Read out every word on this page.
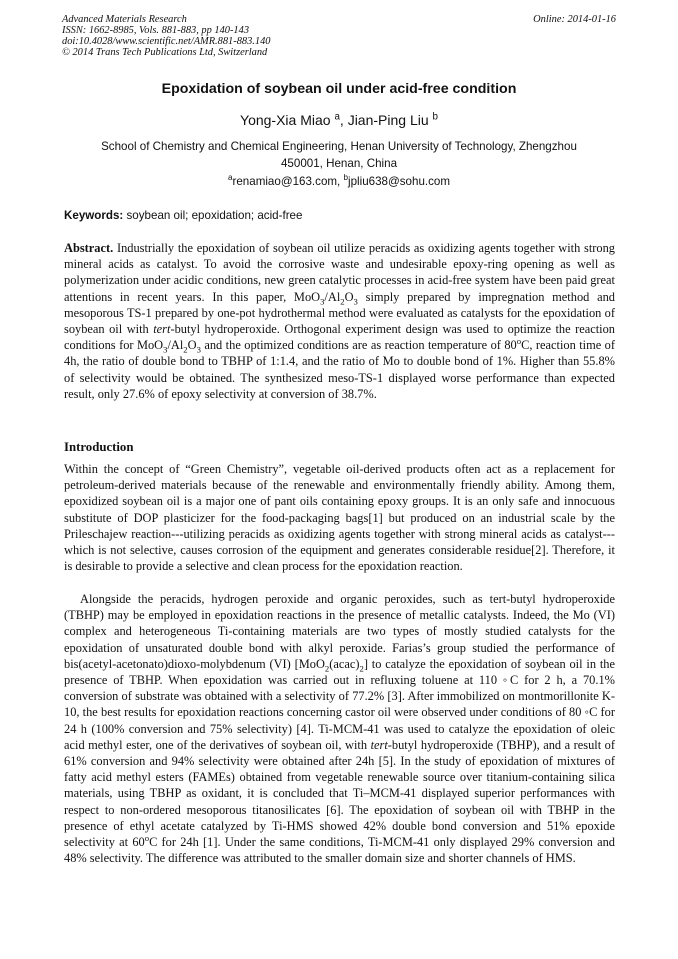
Advanced Materials Research
ISSN: 1662-8985, Vols. 881-883, pp 140-143
doi:10.4028/www.scientific.net/AMR.881-883.140
© 2014 Trans Tech Publications Ltd, Switzerland
Online: 2014-01-16
Epoxidation of soybean oil under acid-free condition
Yong-Xia Miao $^a$, Jian-Ping Liu $^b$
School of Chemistry and Chemical Engineering, Henan University of Technology, Zhengzhou
450001, Henan, China
$^a$renamiao@163.com, $^b$jpliu638@sohu.com
Keywords: soybean oil; epoxidation; acid-free
Abstract. Industrially the epoxidation of soybean oil utilize peracids as oxidizing agents together with strong mineral acids as catalyst. To avoid the corrosive waste and undesirable epoxy-ring opening as well as polymerization under acidic conditions, new green catalytic processes in acid-free system have been paid great attentions in recent years. In this paper, $MoO_3/Al_2O_3$ simply prepared by impregnation method and mesoporous TS-1 prepared by one-pot hydrothermal method were evaluated as catalysts for the epoxidation of soybean oil with tert-butyl hydroperoxide. Orthogonal experiment design was used to optimize the reaction conditions for $MoO_3/Al_2O_3$ and the optimized conditions are as reaction temperature of 80$^o$C, reaction time of 4h, the ratio of double bond to TBHP of 1:1.4, and the ratio of Mo to double bond of 1%. Higher than 55.8% of selectivity would be obtained. The synthesized meso-TS-1 displayed worse performance than expected result, only 27.6% of epoxy selectivity at conversion of 38.7%.
Introduction
Within the concept of “Green Chemistry”, vegetable oil-derived products often act as a replacement for petroleum-derived materials because of the renewable and environmentally friendly ability. Among them, epoxidized soybean oil is a major one of pant oils containing epoxy groups. It is an only safe and innocuous substitute of DOP plasticizer for the food-packaging bags[1] but produced on an industrial scale by the Prileschajew reaction---utilizing peracids as oxidizing agents together with strong mineral acids as catalyst---which is not selective, causes corrosion of the equipment and generates considerable residue[2]. Therefore, it is desirable to provide a selective and clean process for the epoxidation reaction.
Alongside the peracids, hydrogen peroxide and organic peroxides, such as tert-butyl hydroperoxide (TBHP) may be employed in epoxidation reactions in the presence of metallic catalysts. Indeed, the Mo (VI) complex and heterogeneous Ti-containing materials are two types of mostly studied catalysts for the epoxidation of unsaturated double bond with alkyl peroxide. Farias’s group studied the performance of bis(acetyl-acetonato)dioxo-molybdenum (VI) $[MoO_2(acac)_2]$ to catalyze the epoxidation of soybean oil in the presence of TBHP. When epoxidation was carried out in refluxing toluene at 110 ◦C for 2 h, a 70.1% conversion of substrate was obtained with a selectivity of 77.2% [3]. After immobilized on montmorillonite K-10, the best results for epoxidation reactions concerning castor oil were observed under conditions of 80 ◦C for 24 h (100% conversion and 75% selectivity) [4]. Ti-MCM-41 was used to catalyze the epoxidation of oleic acid methyl ester, one of the derivatives of soybean oil, with tert-butyl hydroperoxide (TBHP), and a result of 61% conversion and 94% selectivity were obtained after 24h [5]. In the study of epoxidation of mixtures of fatty acid methyl esters (FAMEs) obtained from vegetable renewable source over titanium-containing silica materials, using TBHP as oxidant, it is concluded that Ti–MCM-41 displayed superior performances with respect to non-ordered mesoporous titanosilicates [6]. The epoxidation of soybean oil with TBHP in the presence of ethyl acetate catalyzed by Ti-HMS showed 42% double bond conversion and 51% epoxide selectivity at 60$^o$C for 24h [1]. Under the same conditions, Ti-MCM-41 only displayed 29% conversion and 48% selectivity. The difference was attributed to the smaller domain size and shorter channels of HMS.
